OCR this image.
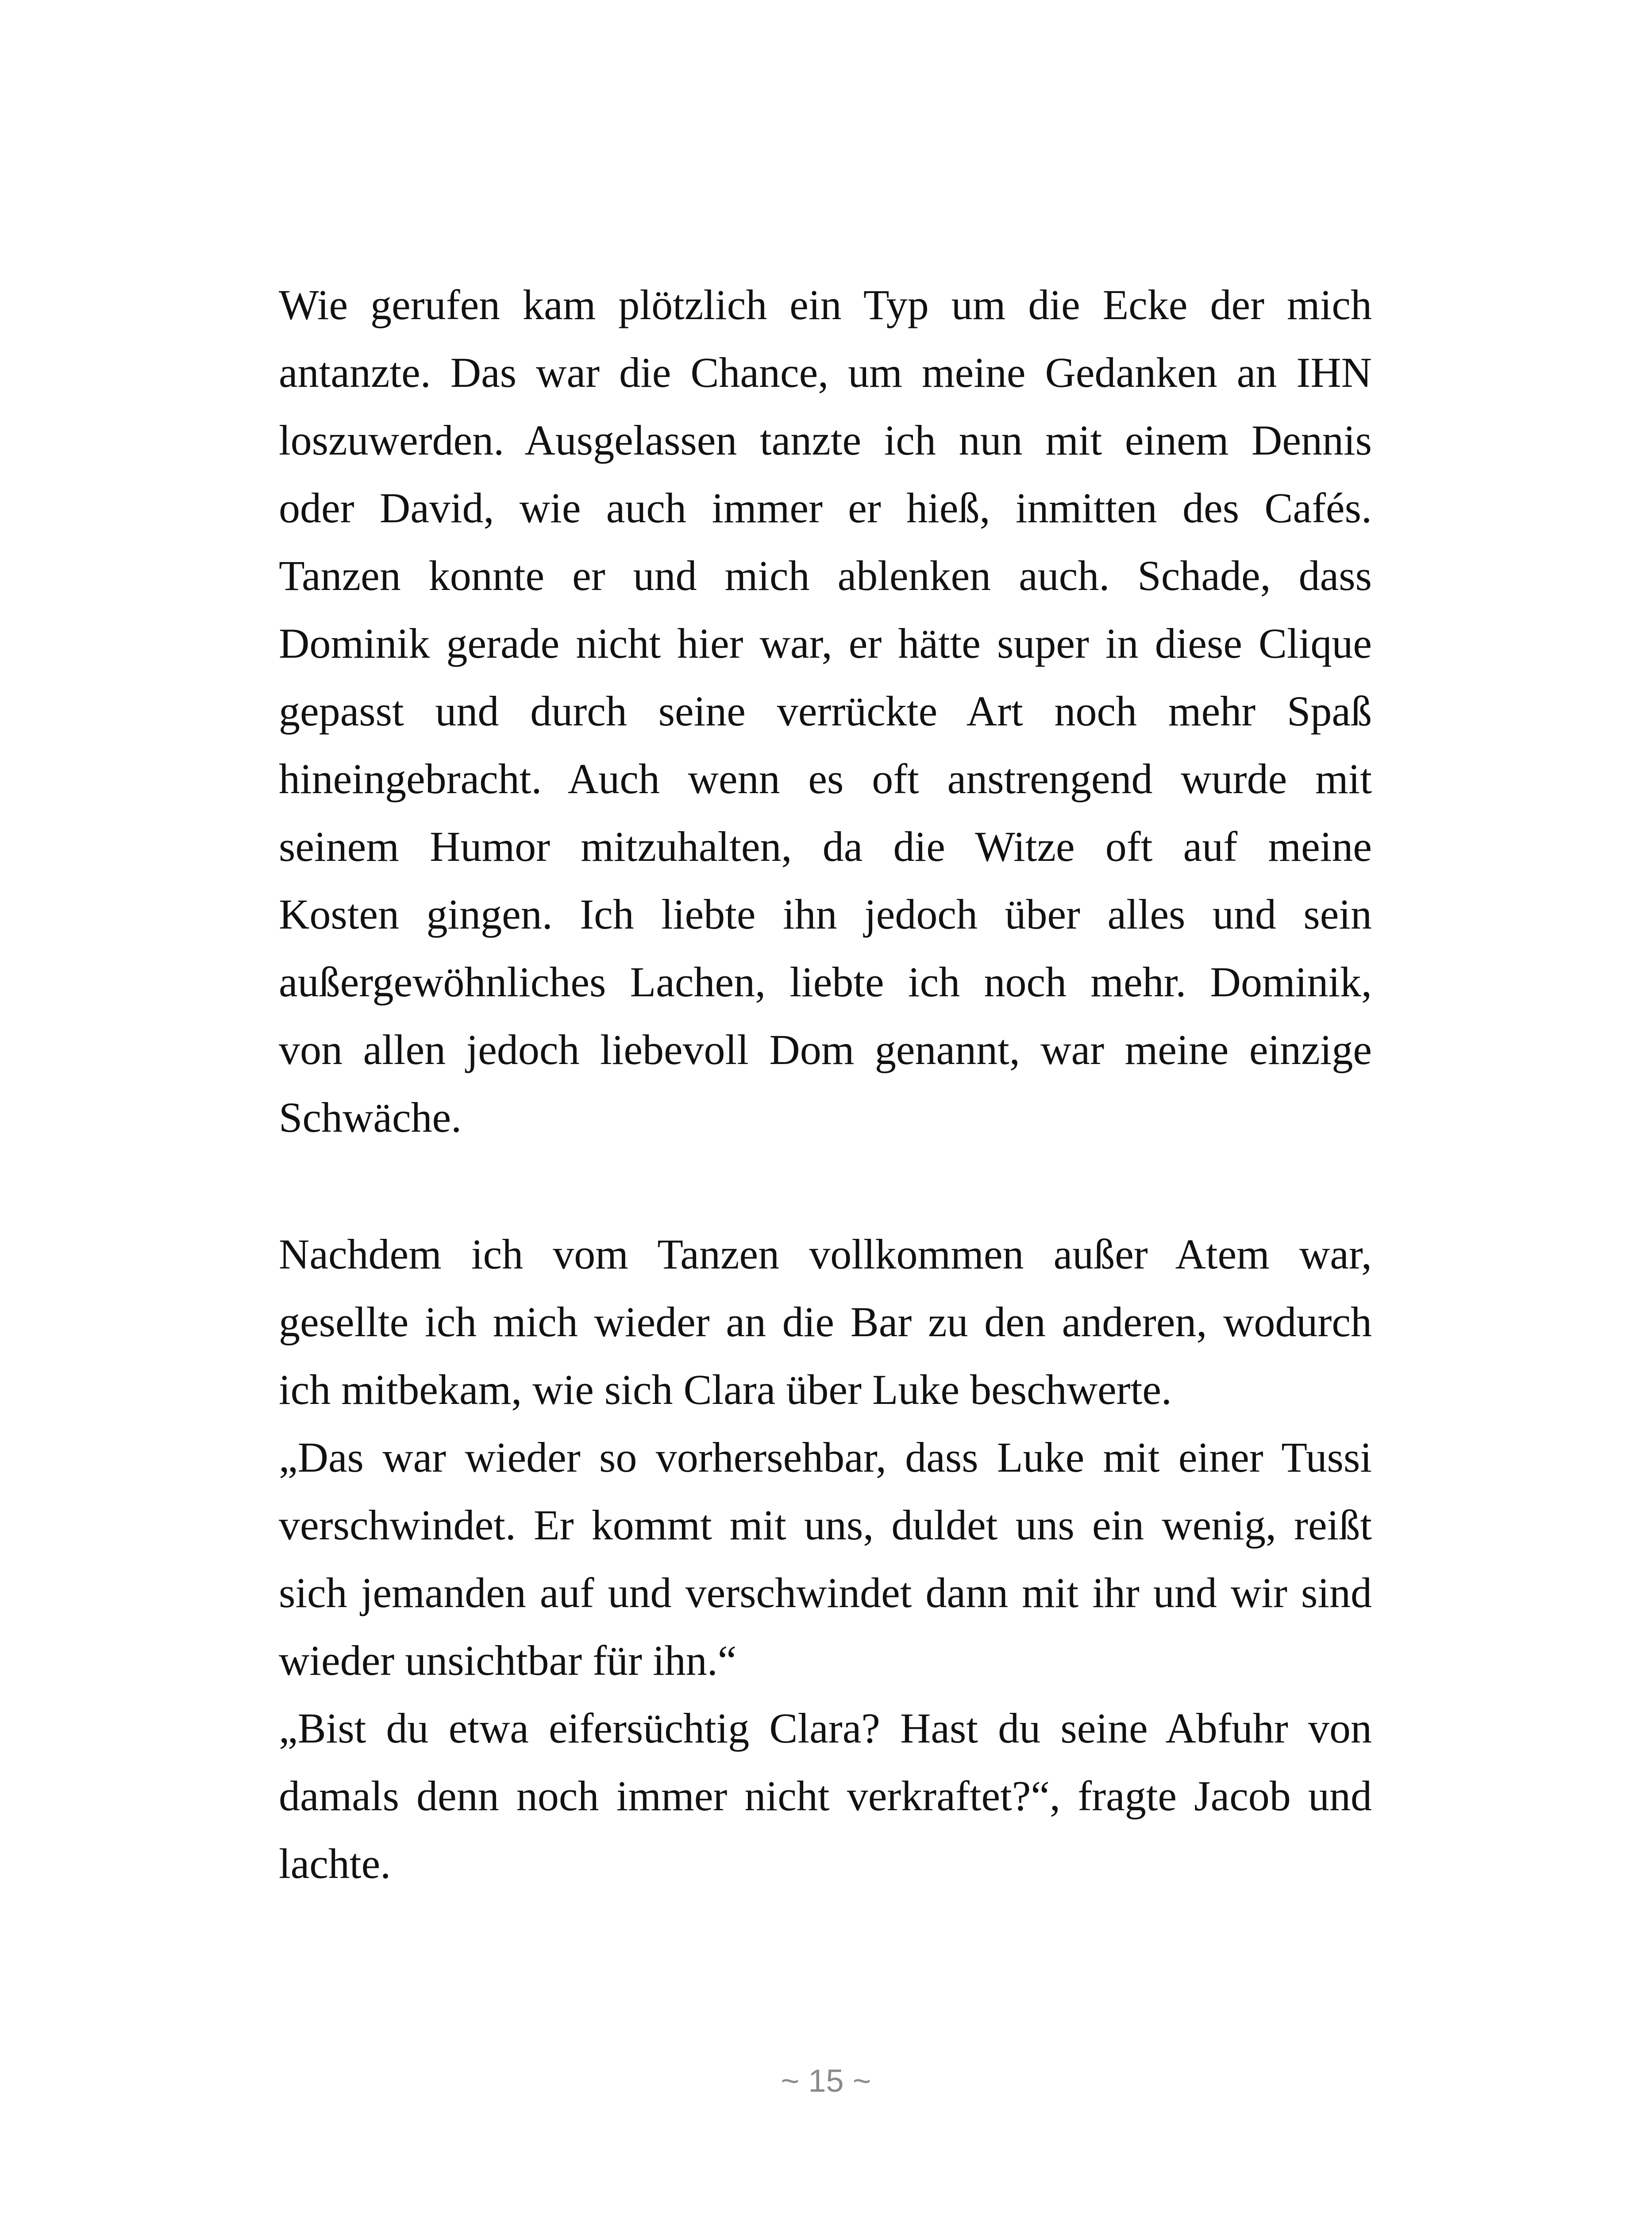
Wie gerufen kam plötzlich ein Typ um die Ecke der mich
antanzte. Das war die Chance, um meine Gedanken an IHN
loszuwerden. Ausgelassen tanzte ich nun mit einem Dennis
oder David, wie auch immer er hieß, inmitten des Cafés.
Tanzen konnte er und mich ablenken auch. Schade, dass
Dominik gerade nicht hier war, er hätte super in diese Clique
gepasst und durch seine verrückte Art noch mehr Spaß
hineingebracht. Auch wenn es oft anstrengend wurde mit
seinem Humor mitzuhalten, da die Witze oft auf meine
Kosten gingen. Ich liebte ihn jedoch über alles und sein
außergewöhnliches Lachen, liebte ich noch mehr. Dominik,
von allen jedoch liebevoll Dom genannt, war meine einzige
Schwäche.
Nachdem ich vom Tanzen vollkommen außer Atem war,
gesellte ich mich wieder an die Bar zu den anderen, wodurch
ich mitbekam, wie sich Clara über Luke beschwerte.
„Das war wieder so vorhersehbar, dass Luke mit einer Tussi
verschwindet. Er kommt mit uns, duldet uns ein wenig, reißt
sich jemanden auf und verschwindet dann mit ihr und wir sind
wieder unsichtbar für ihn.“
„Bist du etwa eifersüchtig Clara? Hast du seine Abfuhr von
damals denn noch immer nicht verkraftet?“, fragte Jacob und
lachte.
~ 15 ~
